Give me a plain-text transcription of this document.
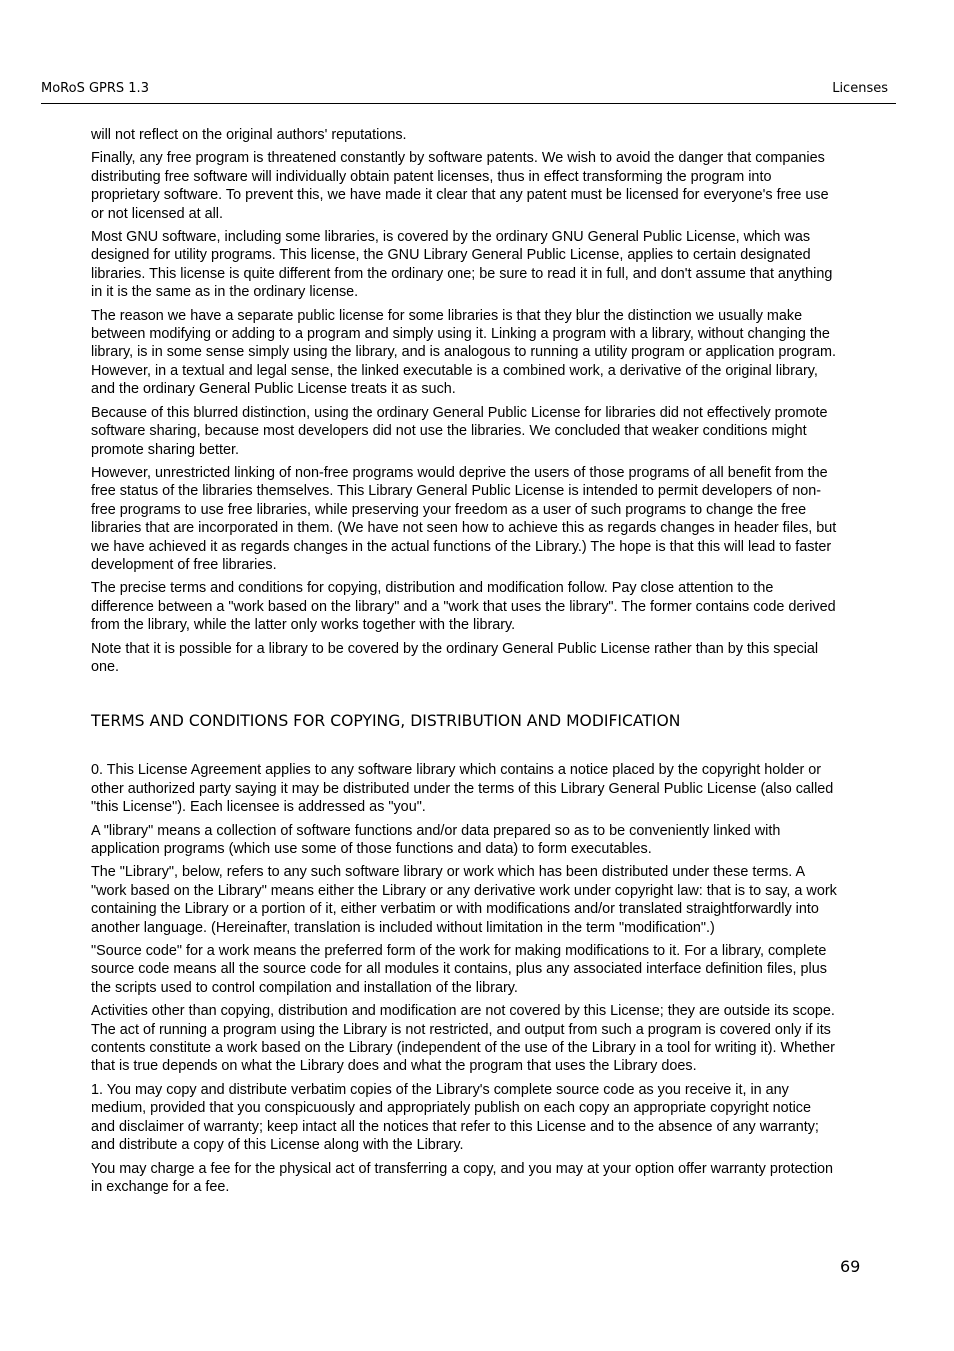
MoRoS GPRS 1.3	Licenses

will not reflect on the original authors' reputations.

Finally, any free program is threatened constantly by software patents. We wish to avoid the danger that companies distributing free software will individually obtain patent licenses, thus in effect transforming the program into proprietary software. To prevent this, we have made it clear that any patent must be licensed for everyone's free use or not licensed at all.

Most GNU software, including some libraries, is covered by the ordinary GNU General Public License, which was designed for utility programs. This license, the GNU Library General Public License, applies to certain designated libraries. This license is quite different from the ordinary one; be sure to read it in full, and don't assume that anything in it is the same as in the ordinary license.

The reason we have a separate public license for some libraries is that they blur the distinction we usually make between modifying or adding to a program and simply using it. Linking a program with a library, without changing the library, is in some sense simply using the library, and is analogous to running a utility program or application program. However, in a textual and legal sense, the linked executable is a combined work, a derivative of the original library, and the ordinary General Public License treats it as such.

Because of this blurred distinction, using the ordinary General Public License for libraries did not effectively promote software sharing, because most developers did not use the libraries. We concluded that weaker conditions might promote sharing better.

However, unrestricted linking of non-free programs would deprive the users of those programs of all benefit from the free status of the libraries themselves. This Library General Public License is intended to permit developers of non-free programs to use free libraries, while preserving your freedom as a user of such programs to change the free libraries that are incorporated in them. (We have not seen how to achieve this as regards changes in header files, but we have achieved it as regards changes in the actual functions of the Library.) The hope is that this will lead to faster development of free libraries.

The precise terms and conditions for copying, distribution and modification follow. Pay close attention to the difference between a "work based on the library" and a "work that uses the library". The former contains code derived from the library, while the latter only works together with the library.

Note that it is possible for a library to be covered by the ordinary General Public License rather than by this special one.

TERMS AND CONDITIONS FOR COPYING, DISTRIBUTION AND MODIFICATION

0. This License Agreement applies to any software library which contains a notice placed by the copyright holder or other authorized party saying it may be distributed under the terms of this Library General Public License (also called "this License"). Each licensee is addressed as "you".

A "library" means a collection of software functions and/or data prepared so as to be conveniently linked with application programs (which use some of those functions and data) to form executables.

The "Library", below, refers to any such software library or work which has been distributed under these terms. A "work based on the Library" means either the Library or any derivative work under copyright law: that is to say, a work containing the Library or a portion of it, either verbatim or with modifications and/or translated straightforwardly into another language. (Hereinafter, translation is included without limitation in the term "modification".)

"Source code" for a work means the preferred form of the work for making modifications to it. For a library, complete source code means all the source code for all modules it contains, plus any associated interface definition files, plus the scripts used to control compilation and installation of the library.

Activities other than copying, distribution and modification are not covered by this License; they are outside its scope. The act of running a program using the Library is not restricted, and output from such a program is covered only if its contents constitute a work based on the Library (independent of the use of the Library in a tool for writing it). Whether that is true depends on what the Library does and what the program that uses the Library does.

1. You may copy and distribute verbatim copies of the Library's complete source code as you receive it, in any medium, provided that you conspicuously and appropriately publish on each copy an appropriate copyright notice and disclaimer of warranty; keep intact all the notices that refer to this License and to the absence of any warranty; and distribute a copy of this License along with the Library.

You may charge a fee for the physical act of transferring a copy, and you may at your option offer warranty protection in exchange for a fee.

69
